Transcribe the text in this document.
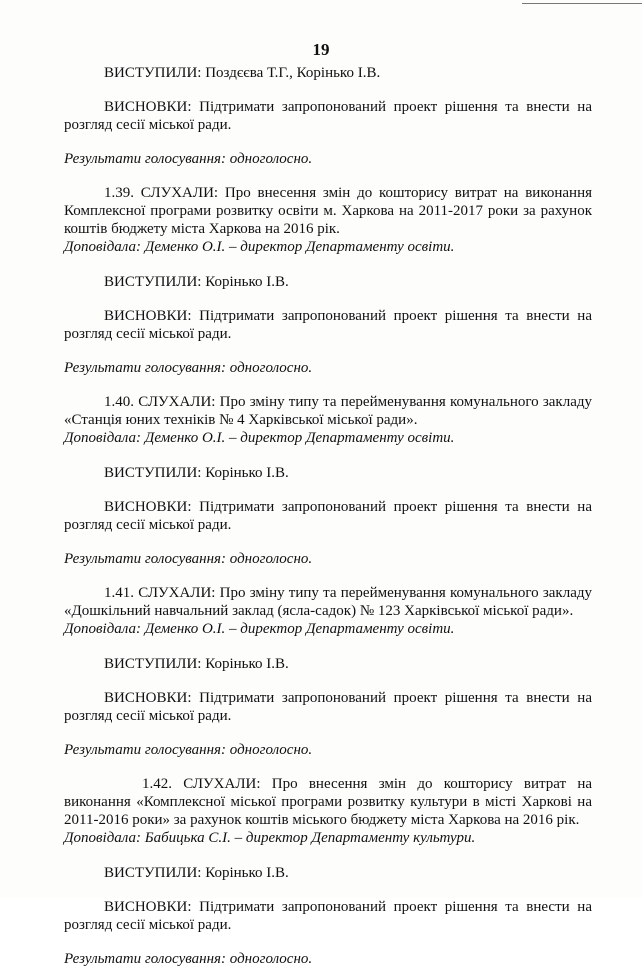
19

ВИСТУПИЛИ: Поздєєва Т.Г., Корінько І.В.

ВИСНОВКИ: Підтримати запропонований проект рішення та внести на розгляд сесії міської ради.

Результати голосування: одноголосно.

1.39. СЛУХАЛИ: Про внесення змін до кошторису витрат на виконання Комплексної програми розвитку освіти м. Харкова на 2011-2017 роки за рахунок коштів бюджету міста Харкова на 2016 рік.

Доповідала: Деменко О.І. – директор Департаменту освіти.

ВИСТУПИЛИ: Корінько І.В.

ВИСНОВКИ: Підтримати запропонований проект рішення та внести на розгляд сесії міської ради.

Результати голосування: одноголосно.

1.40. СЛУХАЛИ: Про зміну типу та перейменування комунального закладу «Станція юних техніків № 4 Харківської міської ради».

Доповідала: Деменко О.І. – директор Департаменту освіти.

ВИСТУПИЛИ: Корінько І.В.

ВИСНОВКИ: Підтримати запропонований проект рішення та внести на розгляд сесії міської ради.

Результати голосування: одноголосно.

1.41. СЛУХАЛИ: Про зміну типу та перейменування комунального закладу «Дошкільний навчальний заклад (ясла-садок) № 123 Харківської міської ради».

Доповідала: Деменко О.І. – директор Департаменту освіти.

ВИСТУПИЛИ: Корінько І.В.

ВИСНОВКИ: Підтримати запропонований проект рішення та внести на розгляд сесії міської ради.

Результати голосування: одноголосно.

1.42. СЛУХАЛИ: Про внесення змін до кошторису витрат на виконання «Комплексної міської програми розвитку культури в місті Харкові на 2011-2016 роки» за рахунок коштів міського бюджету міста Харкова на 2016 рік.

Доповідала: Бабицька С.І. – директор Департаменту культури.

ВИСТУПИЛИ: Корінько І.В.

ВИСНОВКИ: Підтримати запропонований проект рішення та внести на розгляд сесії міської ради.

Результати голосування: одноголосно.
